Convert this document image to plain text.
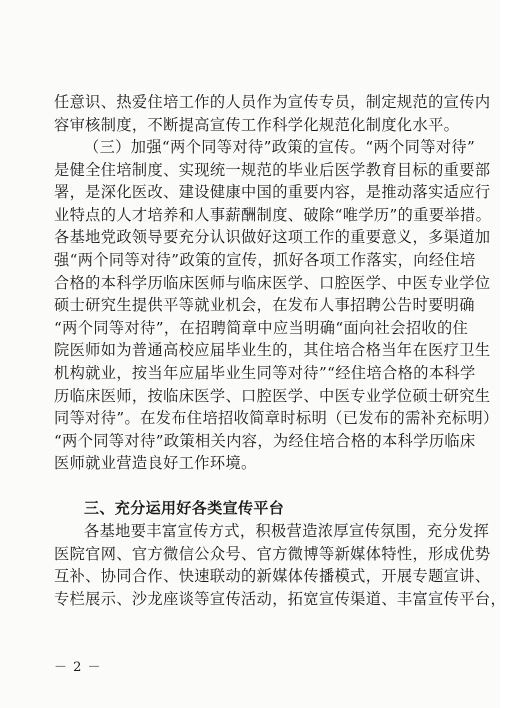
任意识、热爱住培工作的人员作为宣传专员，制定规范的宣传内
容审核制度，不断提高宣传工作科学化规范化制度化水平。
（三）加强“两个同等对待”政策的宣传。“两个同等对待”
是健全住培制度、实现统一规范的毕业后医学教育目标的重要部
署，是深化医改、建设健康中国的重要内容，是推动落实适应行
业特点的人才培养和人事薪酬制度、破除“唯学历”的重要举措。
各基地党政领导要充分认识做好这项工作的重要意义，多渠道加
强“两个同等对待”政策的宣传，抓好各项工作落实，向经住培
合格的本科学历临床医师与临床医学、口腔医学、中医专业学位
硕士研究生提供平等就业机会，在发布人事招聘公告时要明确
“两个同等对待”，在招聘简章中应当明确“面向社会招收的住
院医师如为普通高校应届毕业生的，其住培合格当年在医疗卫生
机构就业，按当年应届毕业生同等对待”“经住培合格的本科学
历临床医师，按临床医学、口腔医学、中医专业学位硕士研究生
同等对待”。在发布住培招收简章时标明（已发布的需补充标明）
“两个同等对待”政策相关内容，为经住培合格的本科学历临床
医师就业营造良好工作环境。
三、充分运用好各类宣传平台
各基地要丰富宣传方式，积极营造浓厚宣传氛围，充分发挥
医院官网、官方微信公众号、官方微博等新媒体特性，形成优势
互补、协同合作、快速联动的新媒体传播模式，开展专题宣讲、
专栏展示、沙龙座谈等宣传活动，拓宽宣传渠道、丰富宣传平台，
－ 2 －
